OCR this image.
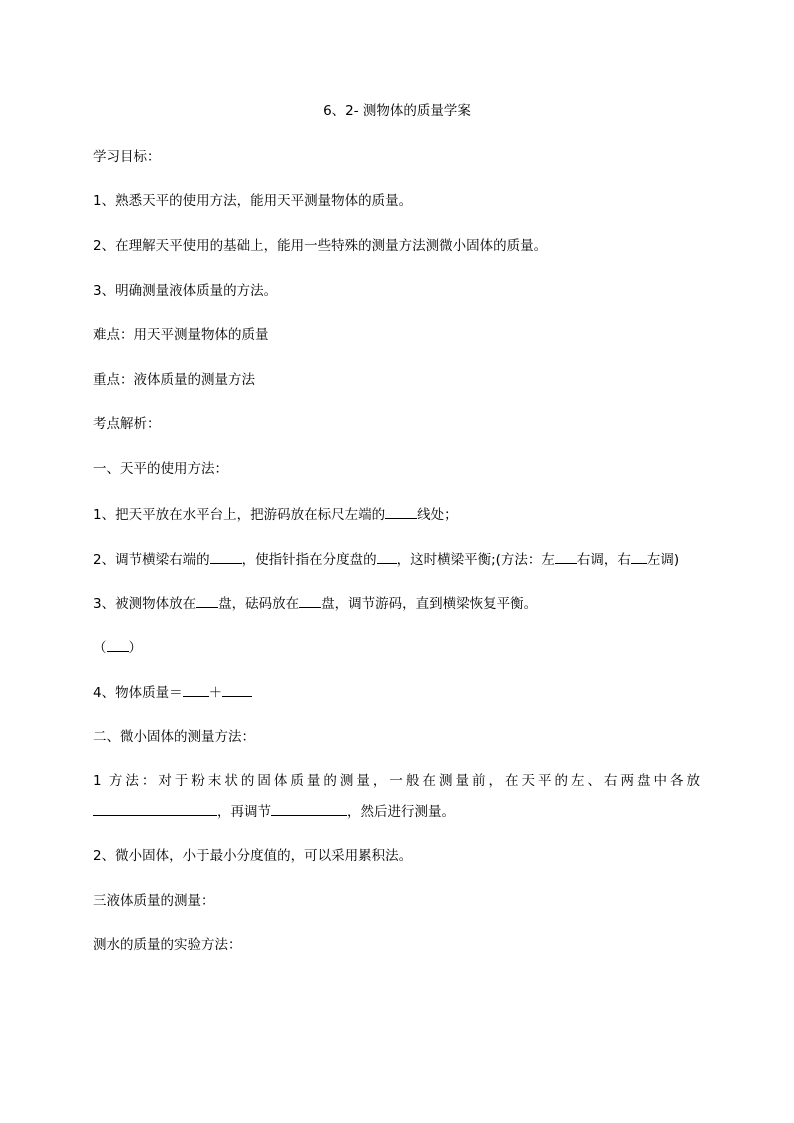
6、2- 测物体的质量学案
学习目标：
1、熟悉天平的使用方法，能用天平测量物体的质量。
2、在理解天平使用的基础上，能用一些特殊的测量方法测微小固体的质量。
3、明确测量液体质量的方法。
难点：用天平测量物体的质量
重点：液体质量的测量方法
考点解析：
一、天平的使用方法：
1、把天平放在水平台上，把游码放在标尺左端的 线处；
2、调节横梁右端的 ，使指针指在分度盘的 ，这时横梁平衡;(方法：左 右调，右 左调)
3、被测物体放在 盘，砝码放在 盘，调节游码，直到横梁恢复平衡。
（ ）
4、物体质量＝ ＋
二、微小固体的测量方法：
1 方法：对于粉末状的固体质量的测量，一般在测量前，在天平的左、右两盘中各放
，再调节	，然后进行测量。
2、微小固体，小于最小分度值的，可以采用累积法。
三液体质量的测量：
测水的质量的实验方法：
